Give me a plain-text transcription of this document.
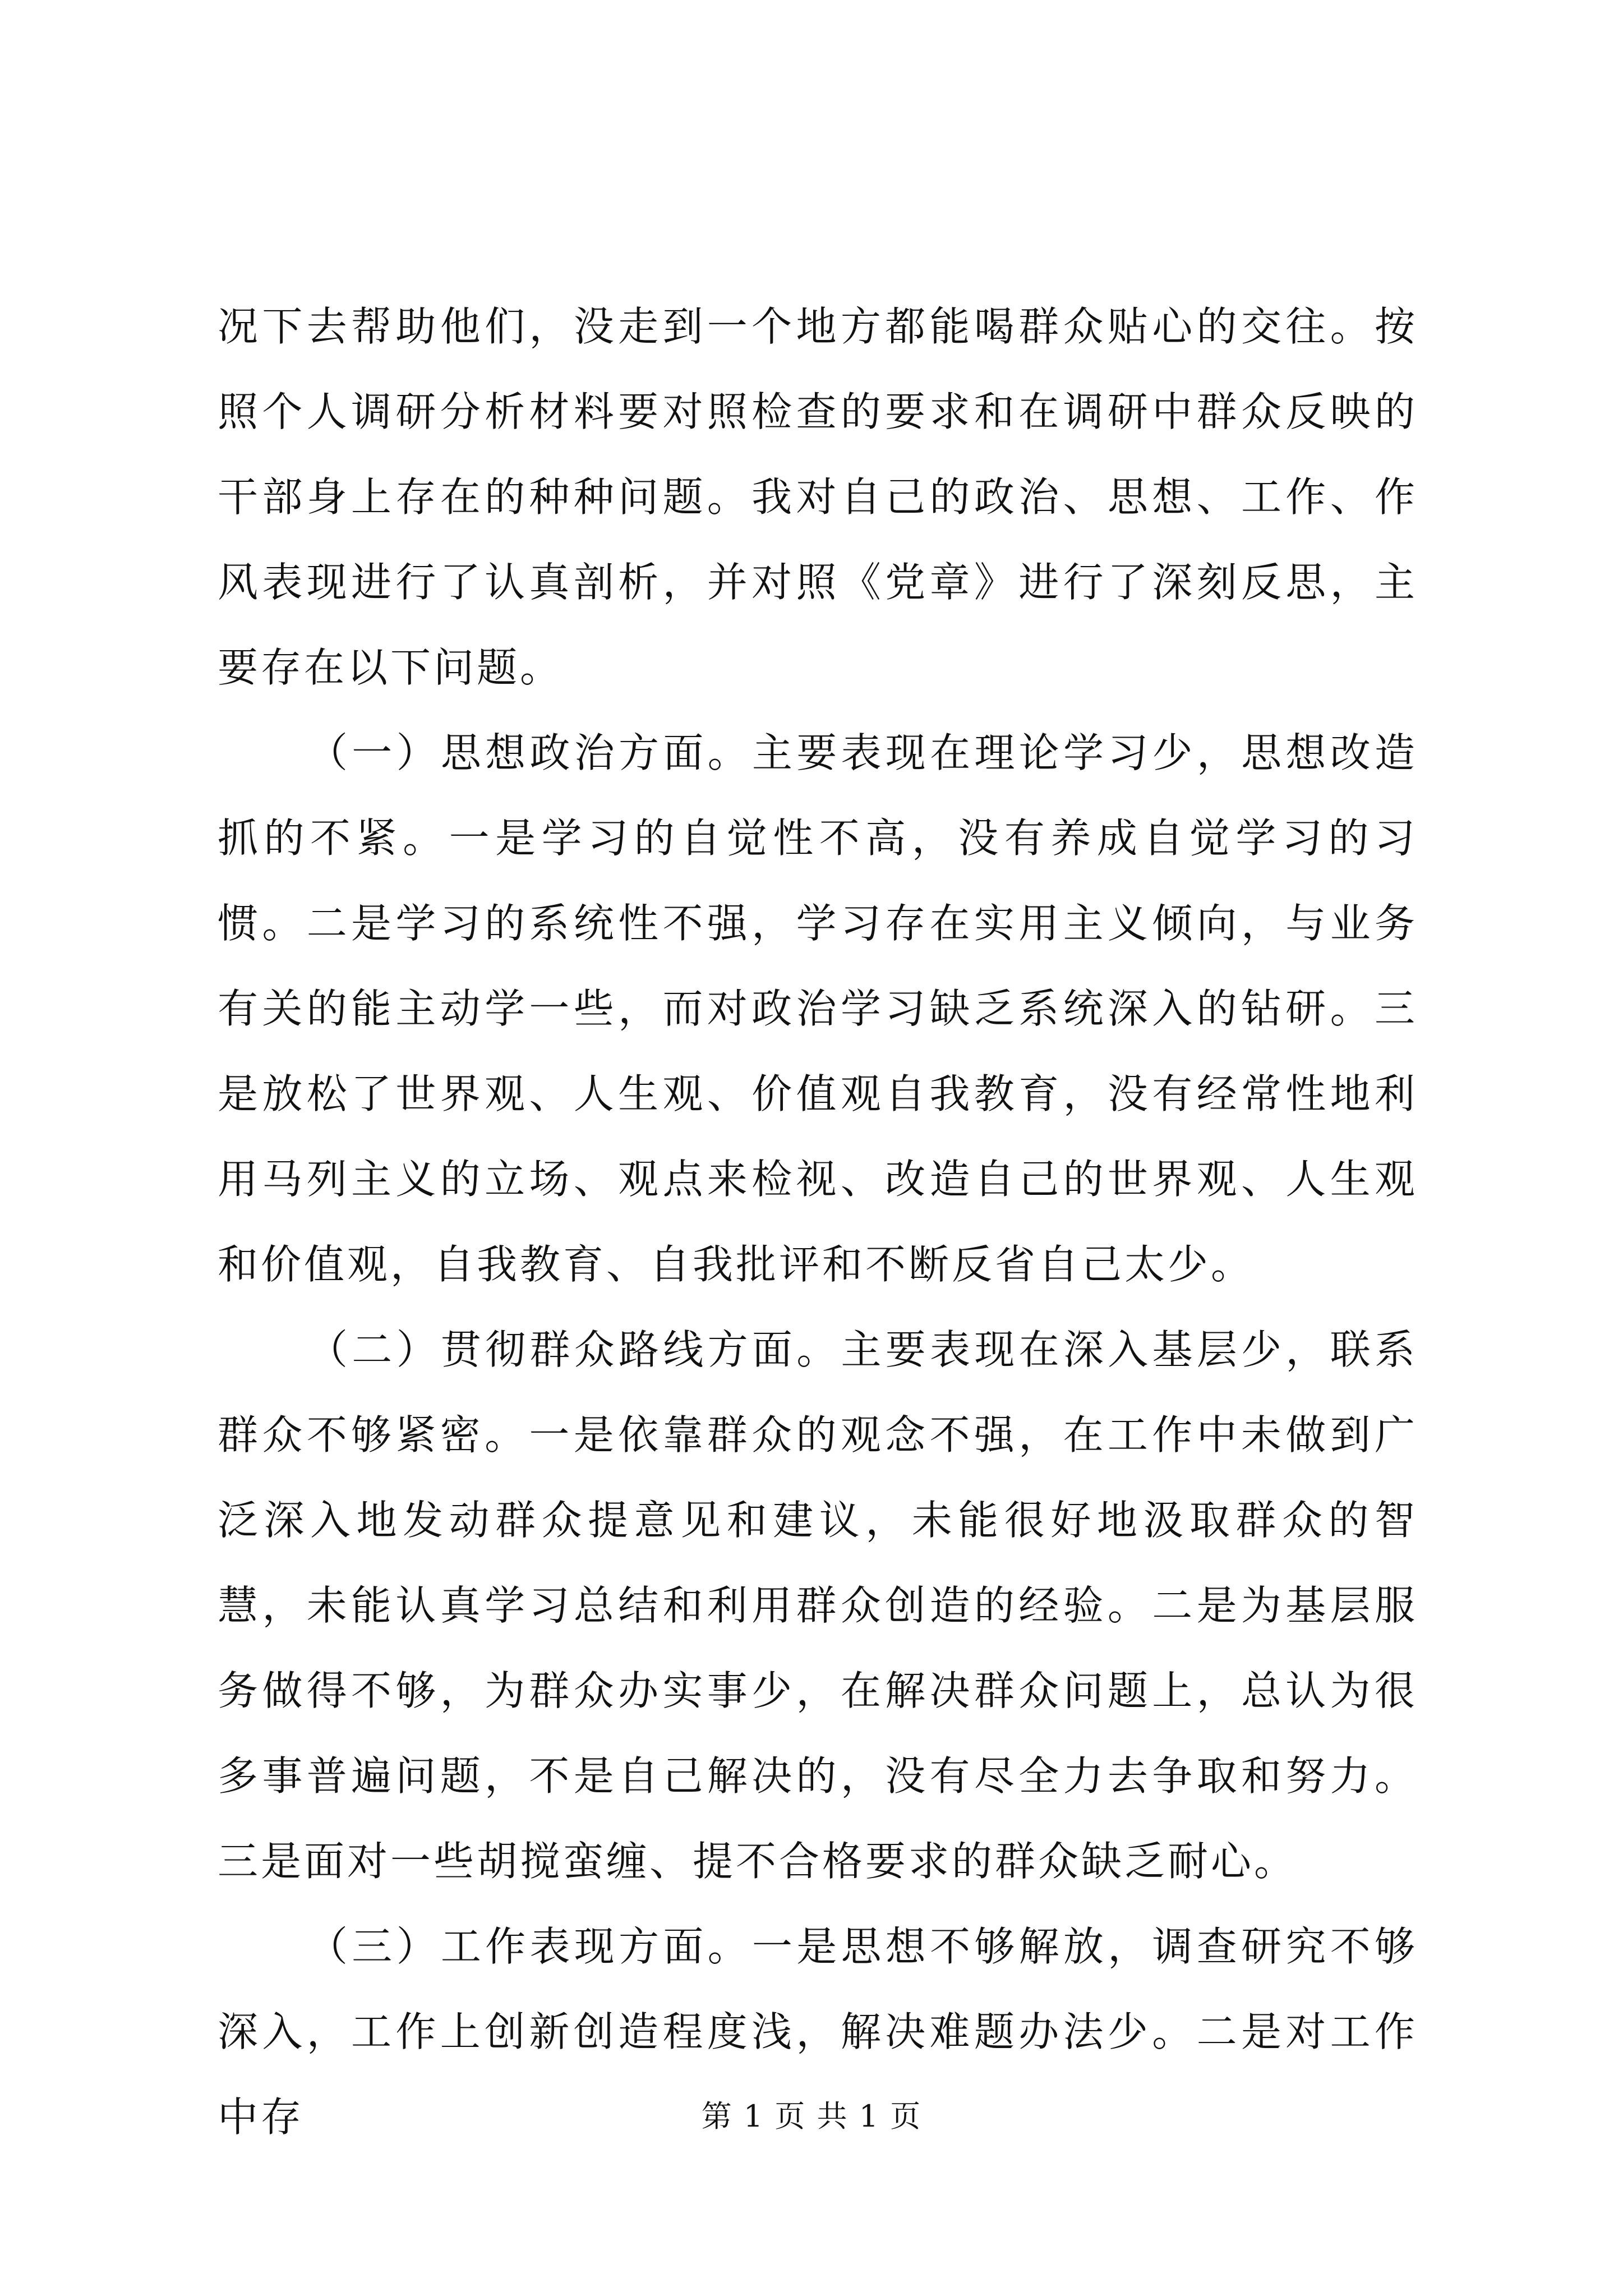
况下去帮助他们，没走到一个地方都能喝群众贴心的交往。按照个人调研分析材料要对照检查的要求和在调研中群众反映的干部身上存在的种种问题。我对自己的政治、思想、工作、作风表现进行了认真剖析，并对照《党章》进行了深刻反思，主要存在以下问题。

（一）思想政治方面。主要表现在理论学习少，思想改造抓的不紧。一是学习的自觉性不高，没有养成自觉学习的习惯。二是学习的系统性不强，学习存在实用主义倾向，与业务有关的能主动学一些，而对政治学习缺乏系统深入的钻研。三是放松了世界观、人生观、价值观自我教育，没有经常性地利用马列主义的立场、观点来检视、改造自己的世界观、人生观和价值观，自我教育、自我批评和不断反省自己太少。

（二）贯彻群众路线方面。主要表现在深入基层少，联系群众不够紧密。一是依靠群众的观念不强，在工作中未做到广泛深入地发动群众提意见和建议，未能很好地汲取群众的智慧，未能认真学习总结和利用群众创造的经验。二是为基层服务做得不够，为群众办实事少，在解决群众问题上，总认为很多事普遍问题，不是自己解决的，没有尽全力去争取和努力。三是面对一些胡搅蛮缠、提不合格要求的群众缺乏耐心。

（三）工作表现方面。一是思想不够解放，调查研究不够深入，工作上创新创造程度浅，解决难题办法少。二是对工作中存	第 1 页 共 1 页
